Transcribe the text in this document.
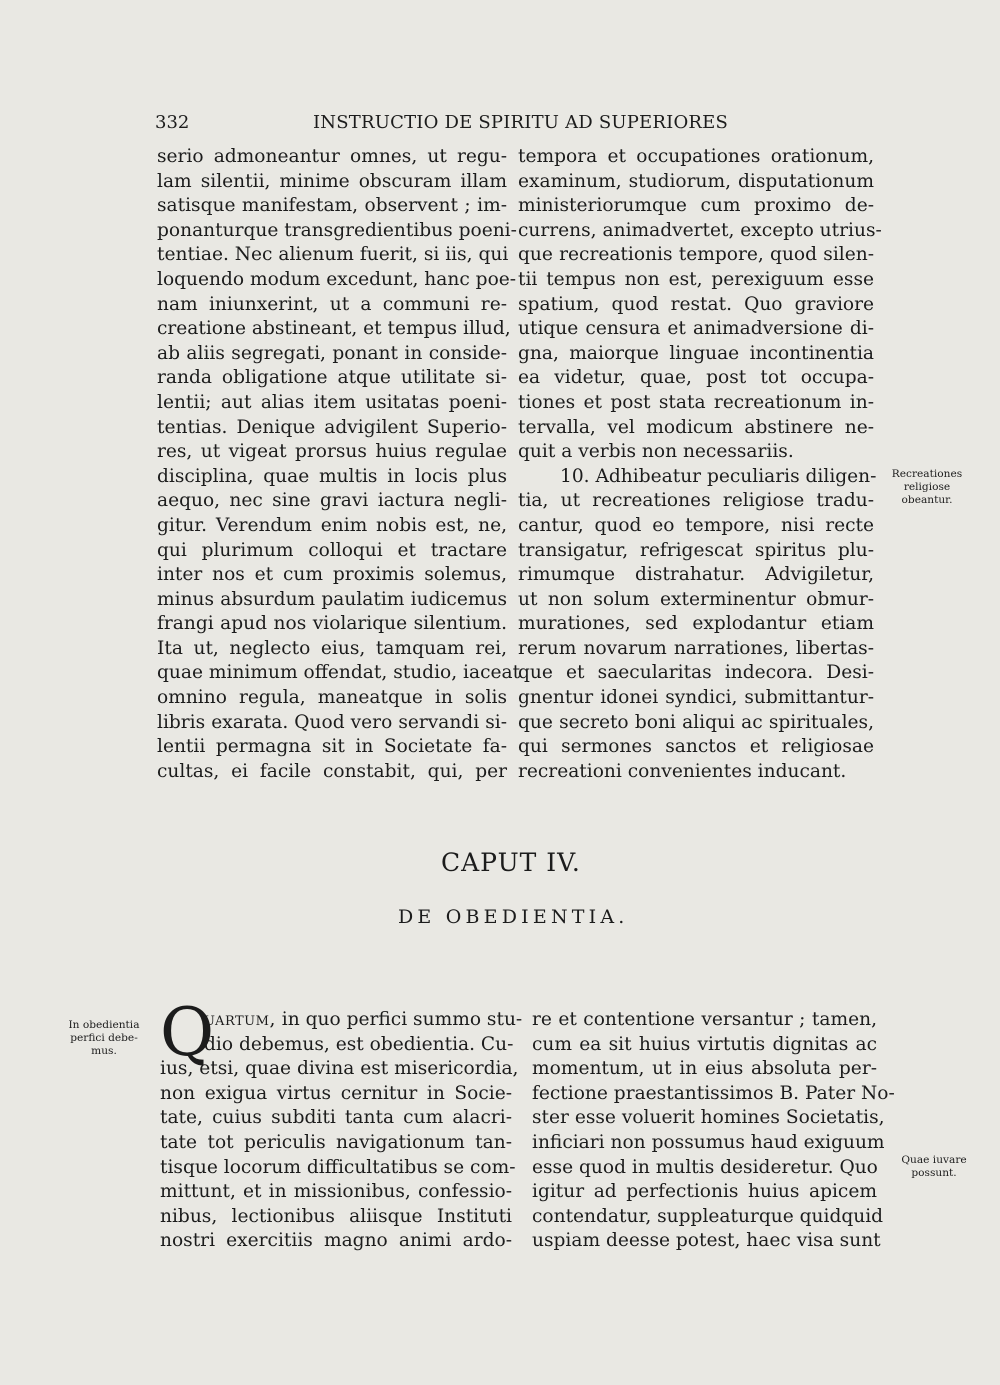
332	INSTRUCTIO DE SPIRITU AD SUPERIORES
serio admoneantur omnes, ut regu-
lam silentii, minime obscuram illam
satisque manifestam, observent ; im-
ponanturque transgredientibus poeni-
tentiae. Nec alienum fuerit, si iis, qui
loquendo modum excedunt, hanc poe-
nam iniunxerint, ut a communi re-
creatione abstineant, et tempus illud,
ab aliis segregati, ponant in conside-
randa obligatione atque utilitate si-
lentii; aut alias item usitatas poeni-
tentias. Denique advigilent Superio-
res, ut vigeat prorsus huius regulae
disciplina, quae multis in locis plus
aequo, nec sine gravi iactura negli-
gitur. Verendum enim nobis est, ne,
qui plurimum colloqui et tractare
inter nos et cum proximis solemus,
minus absurdum paulatim iudicemus
frangi apud nos violarique silentium.
Ita ut, neglecto eius, tamquam rei,
quae minimum offendat, studio, iaceat
omnino regula, maneatque in solis
libris exarata. Quod vero servandi si-
lentii permagna sit in Societate fa-
cultas, ei facile constabit, qui, per
tempora et occupationes orationum,
examinum, studiorum, disputationum
ministeriorumque cum proximo de-
currens, animadvertet, excepto utrius-
que recreationis tempore, quod silen-
tii tempus non est, perexiguum esse
spatium, quod restat. Quo graviore
utique censura et animadversione di-
gna, maiorque linguae incontinentia
ea videtur, quae, post tot occupa-
tiones et post stata recreationum in-
tervalla, vel modicum abstinere ne-
quit a verbis non necessariis.
10. Adhibeatur peculiaris diligen-
tia, ut recreationes religiose tradu-
cantur, quod eo tempore, nisi recte
transigatur, refrigescat spiritus plu-
rimumque distrahatur. Advigiletur,
ut non solum exterminentur obmur-
murationes, sed explodantur etiam
rerum novarum narrationes, libertas-
que et saecularitas indecora. Desi-
gnentur idonei syndici, submittantur-
que secreto boni aliqui ac spirituales,
qui sermones sanctos et religiosae
recreationi convenientes inducant.
Recreationes
religiose
obeantur.
CAPUT IV.
DE OBEDIENTIA.
In obedientia
perfici debe-
mus. Q
uartum, in quo perfici summo stu-
dio debemus, est obedientia. Cu-
ius, etsi, quae divina est misericordia,
non exigua virtus cernitur in Socie-
tate, cuius subditi tanta cum alacri-
tate tot periculis navigationum tan-
tisque locorum difficultatibus se com-
mittunt, et in missionibus, confessio-
nibus, lectionibus aliisque Instituti
nostri exercitiis magno animi ardo-
re et contentione versantur ; tamen,
cum ea sit huius virtutis dignitas ac
momentum, ut in eius absoluta per-
fectione praestantissimos B. Pater No-
ster esse voluerit homines Societatis,
inficiari non possumus haud exiguum
esse quod in multis desideretur. Quo
igitur ad perfectionis huius apicem
contendatur, suppleaturque quidquid
uspiam deesse potest, haec visa sunt
Quae iuvare
possunt.
